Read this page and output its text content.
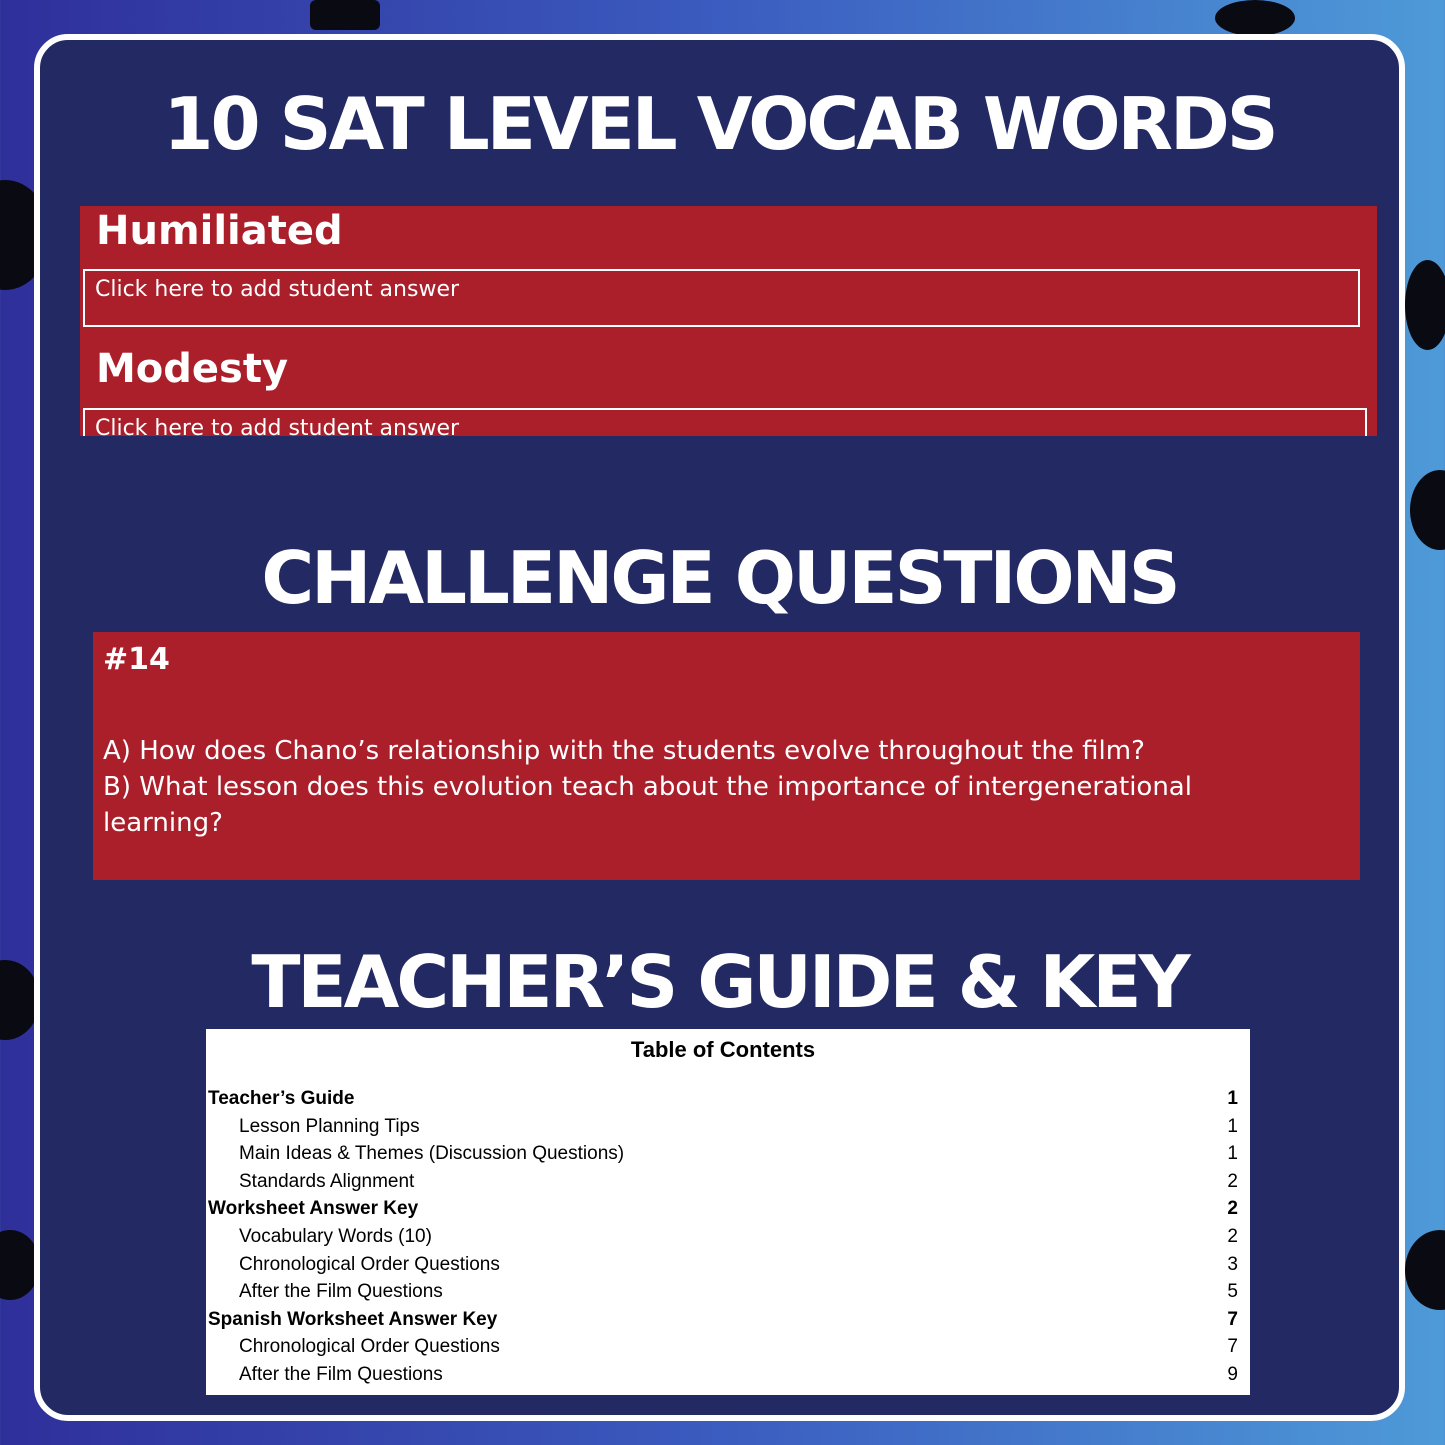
10 SAT LEVEL VOCAB WORDS
Humiliated
Click here to add student answer
Modesty
Click here to add student answer
CHALLENGE QUESTIONS
#14
A) How does Chano’s relationship with the students evolve throughout the film?
B) What lesson does this evolution teach about the importance of intergenerational
learning?
TEACHER’S GUIDE & KEY
Table of Contents
Teacher’s Guide	1
Lesson Planning Tips	1
Main Ideas & Themes (Discussion Questions)	1
Standards Alignment	2
Worksheet Answer Key	2
Vocabulary Words (10)	2
Chronological Order Questions	3
After the Film Questions	5
Spanish Worksheet Answer Key	7
Chronological Order Questions	7
After the Film Questions	9
